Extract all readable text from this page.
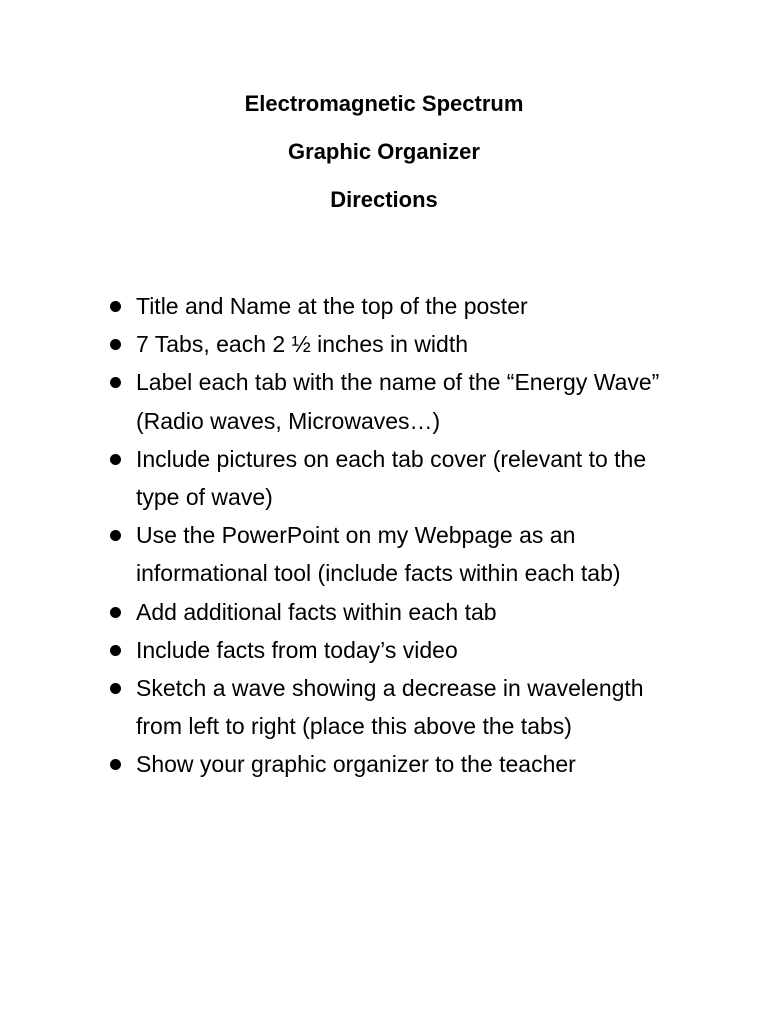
Electromagnetic Spectrum
Graphic Organizer
Directions
Title and Name at the top of the poster
7 Tabs, each 2 ½ inches in width
Label each tab with the name of the “Energy Wave” (Radio waves, Microwaves…)
Include pictures on each tab cover (relevant to the type of wave)
Use the PowerPoint on my Webpage as an informational tool (include facts within each tab)
Add additional facts within each tab
Include facts from today’s video
Sketch a wave showing a decrease in wavelength from left to right (place this above the tabs)
Show your graphic organizer to the teacher
